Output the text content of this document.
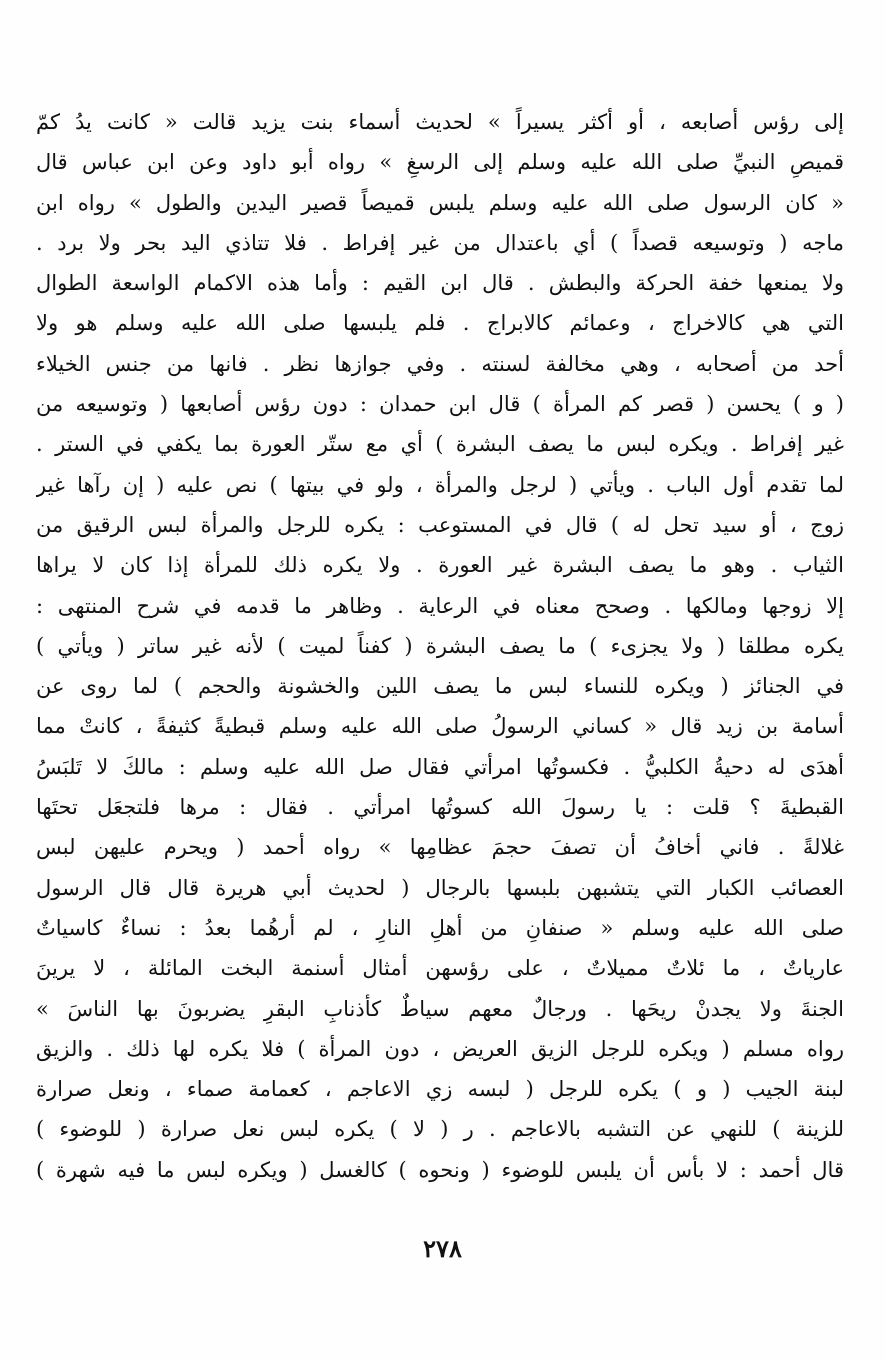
إلى رؤس أصابعه ، أو أكثر يسيراً » لحديث أسماء بنت يزيد قالت « كانت يدُ كمّ
قميصِ النبيِّ صلى الله عليه وسلم إلى الرسغِ » رواه أبو داود وعن ابن عباس قال
« كان الرسول صلى الله عليه وسلم يلبس قميصاً قصير اليدين والطول » رواه ابن
ماجه ( وتوسيعه قصداً ) أي باعتدال من غير إفراط . فلا تتاذي اليد بحر ولا برد .
ولا يمنعها خفة الحركة والبطش . قال ابن القيم : وأما هذه الاكمام الواسعة الطوال
التي هي كالاخراج ، وعمائم كالابراج . فلم يلبسها صلى الله عليه وسلم هو ولا
أحد من أصحابه ، وهي مخالفة لسنته . وفي جوازها نظر . فانها من جنس الخيلاء
( و ) يحسن ( قصر كم المرأة ) قال ابن حمدان : دون رؤس أصابعها ( وتوسيعه من
غير إفراط . ويكره لبس ما يصف البشرة ) أي مع ستّر العورة بما يكفي في الستر .
لما تقدم أول الباب . ويأتي ( لرجل والمرأة ، ولو في بيتها ) نص عليه ( إن رآها غير
زوج ، أو سيد تحل له ) قال في المستوعب : يكره للرجل والمرأة لبس الرقيق من
الثياب . وهو ما يصف البشرة غير العورة . ولا يكره ذلك للمرأة إذا كان لا يراها
إلا زوجها ومالكها . وصحح معناه في الرعاية . وظاهر ما قدمه في شرح المنتهى :
يكره مطلقا ( ولا يجزىء ) ما يصف البشرة ( كفناً لميت ) لأنه غير ساتر ( ويأتي )
في الجنائز ( ويكره للنساء لبس ما يصف اللين والخشونة والحجم ) لما روى عن
أسامة بن زيد قال « كساني الرسولُ صلى الله عليه وسلم قبطيةً كثيفةً ، كانتْ مما
أهدَى له دحيةُ الكلبيُّ . فكسوتُها امرأتي فقال صل الله عليه وسلم : مالكَ لا تَلبَسُ
القبطيةَ ؟ قلت : يا رسولَ الله كسوتُها امرأتي . فقال : مرها فلتجعَل تحتَها
غلالةً . فاني أخافُ أن تصفَ حجمَ عظامِها » رواه أحمد ( ويحرم عليهن لبس
العصائب الكبار التي يتشبهن بلبسها بالرجال ( لحديث أبي هريرة قال قال الرسول
صلى الله عليه وسلم « صنفانِ من أهلِ النارِ ، لم أرهُما بعدُ : نساءٌ كاسياتٌ
عارياتٌ ، ما ئلاتٌ مميلاتٌ ، على رؤسهن أمثال أسنمة البخت المائلة ، لا يرينَ
الجنةَ ولا يجدنْ ريحَها . ورجالٌ معهم سياطٌ كأذنابِ البقرِ يضربونَ بها الناسَ »
رواه مسلم ( ويكره للرجل الزيق العريض ، دون المرأة ) فلا يكره لها ذلك . والزيق
لبنة الجيب ( و ) يكره للرجل ( لبسه زي الاعاجم ، كعمامة صماء ، ونعل صرارة
للزينة ) للنهي عن التشبه بالاعاجم . ر ( لا ) يكره لبس نعل صرارة ( للوضوء )
قال أحمد : لا بأس أن يلبس للوضوء ( ونحوه ) كالغسل ( ويكره لبس ما فيه شهرة )
٢٧٨
